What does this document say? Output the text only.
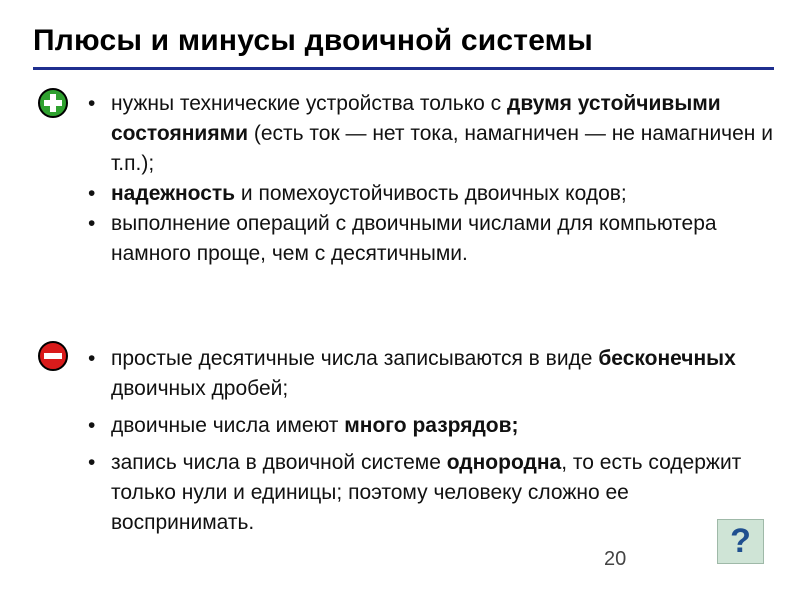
Плюсы и минусы двоичной системы
• нужны технические устройства только с двумя устойчивыми состояниями (есть ток — нет тока, намагничен — не намагничен и т.п.);
• надежность и помехоустойчивость двоичных кодов;
• выполнение операций с двоичными числами для компьютера намного проще, чем с десятичными.
• простые десятичные числа записываются в виде бесконечных двоичных дробей;
• двоичные числа имеют много разрядов;
• запись числа в двоичной системе однородна, то есть содержит только нули и единицы; поэтому человеку сложно ее воспринимать.	?
20
